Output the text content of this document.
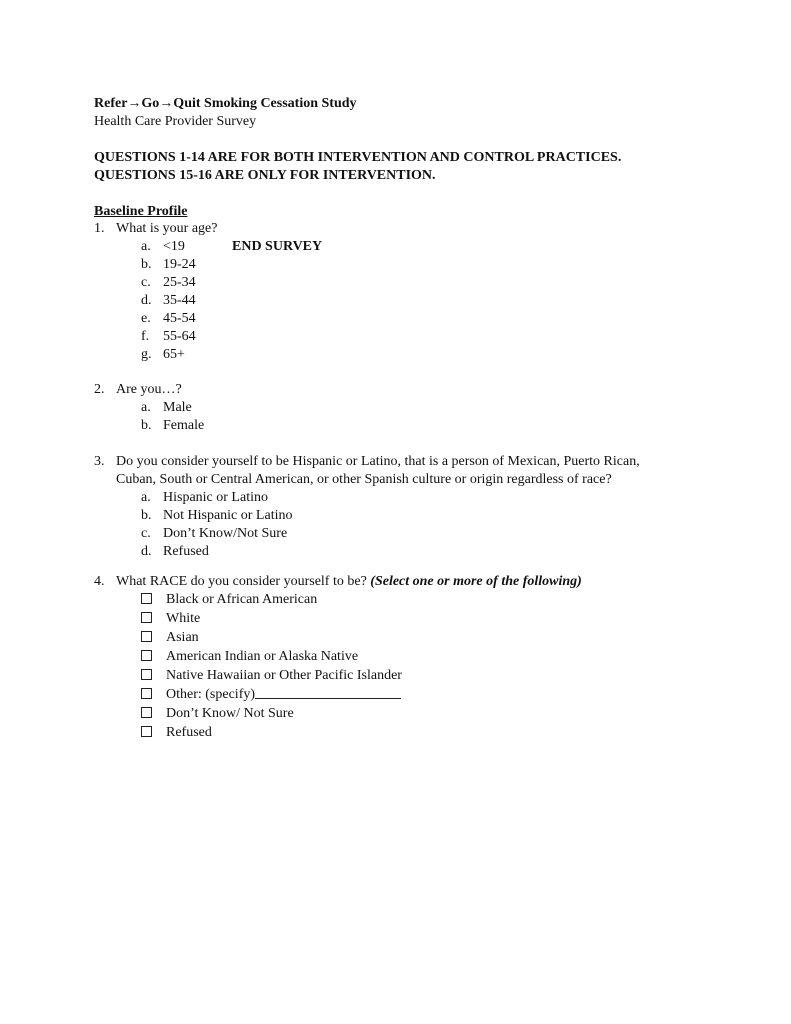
Refer→Go→Quit Smoking Cessation Study
Health Care Provider Survey
QUESTIONS 1-14 ARE FOR BOTH INTERVENTION AND CONTROL PRACTICES.
QUESTIONS 15-16 ARE ONLY FOR INTERVENTION.
Baseline Profile
1. What is your age?
a. <19	END SURVEY
b. 19-24
c. 25-34
d. 35-44
e. 45-54
f. 55-64
g. 65+
2. Are you…?
a. Male
b. Female
3. Do you consider yourself to be Hispanic or Latino, that is a person of Mexican, Puerto Rican,
Cuban, South or Central American, or other Spanish culture or origin regardless of race?
a. Hispanic or Latino
b. Not Hispanic or Latino
c. Don’t Know/Not Sure
d. Refused
4. What RACE do you consider yourself to be? (Select one or more of the following)
Black or African American
White
Asian
American Indian or Alaska Native
Native Hawaiian or Other Pacific Islander
Other: (specify)
Don’t Know/ Not Sure
Refused
